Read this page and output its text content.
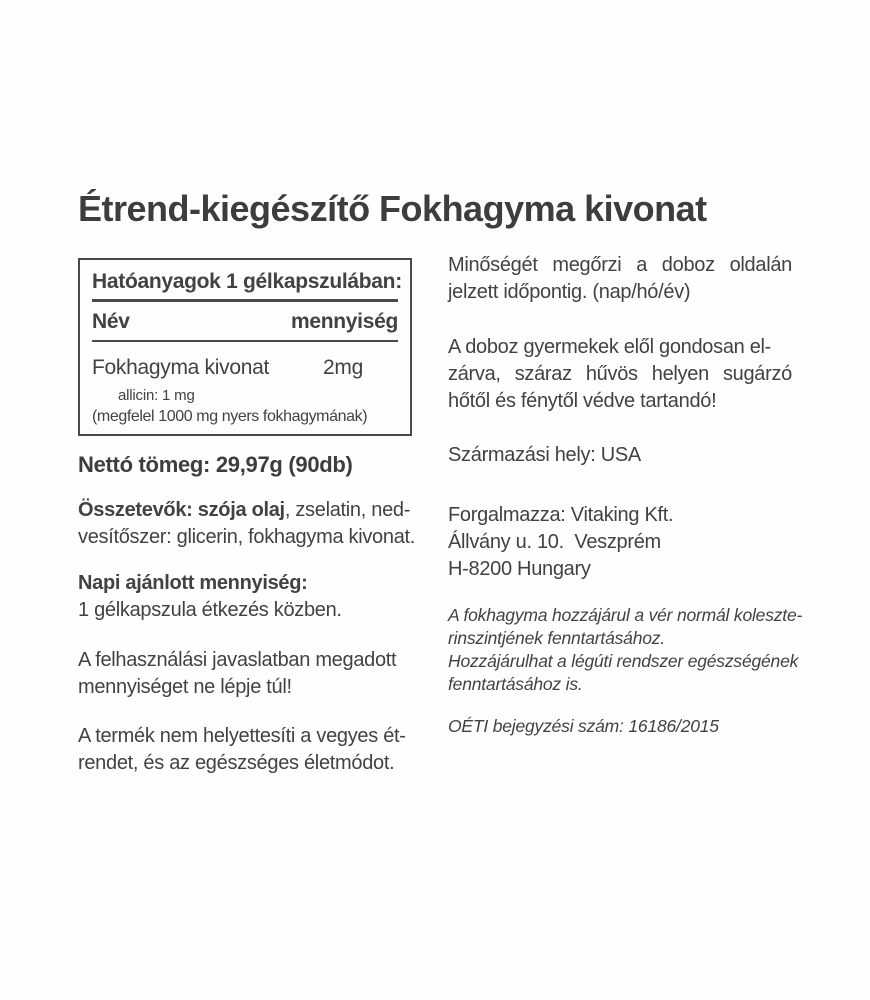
Étrend-kiegészítő Fokhagyma kivonat
Hatóanyagok 1 gélkapszulában:
Név	mennyiség
Fokhagyma kivonat	2mg
allicin: 1 mg
(megfelel 1000 mg nyers fokhagymának)
Nettó tömeg: 29,97g (90db)
Összetevők: szója olaj, zselatin, ned-
vesítőszer: glicerin, fokhagyma kivonat.
Napi ajánlott mennyiség:
1 gélkapszula étkezés közben.
A felhasználási javaslatban megadott
mennyiséget ne lépje túl!
A termék nem helyettesíti a vegyes ét-
rendet, és az egészséges életmódot.
Minőségét megőrzi a doboz oldalán
jelzett időpontig. (nap/hó/év)
A doboz gyermekek elől gondosan el-
zárva, száraz hűvös helyen sugárzó
hőtől és fénytől védve tartandó!
Származási hely: USA
Forgalmazza: Vitaking Kft.
Állvány u. 10.  Veszprém
H-8200 Hungary
A fokhagyma hozzájárul a vér normál koleszte-
rinszintjének fenntartásához.
Hozzájárulhat a légúti rendszer egészségének
fenntartásához is.
OÉTI bejegyzési szám: 16186/2015
